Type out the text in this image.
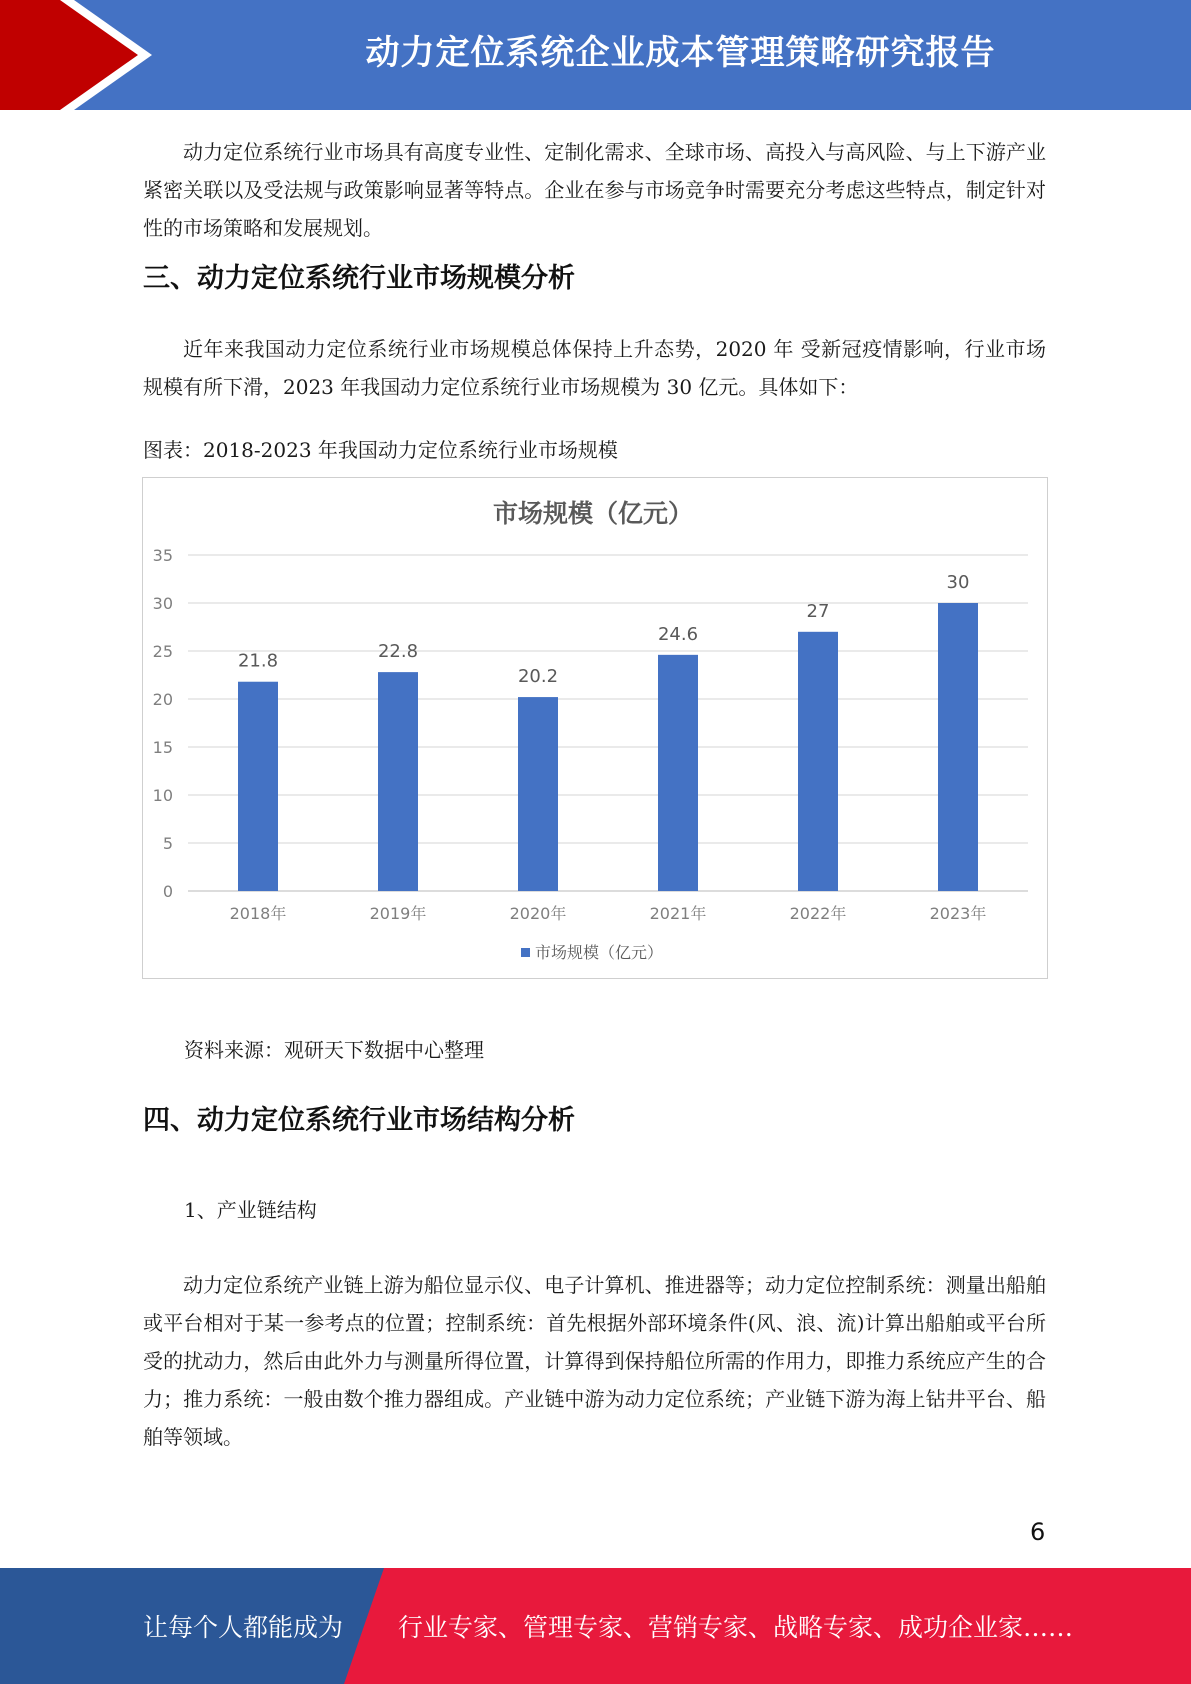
动力定位系统企业成本管理策略研究报告

动力定位系统行业市场具有高度专业性、定制化需求、全球市场、高投入与高风险、与上下游产业紧密关联以及受法规与政策影响显著等特点。企业在参与市场竞争时需要充分考虑这些特点，制定针对性的市场策略和发展规划。

三、动力定位系统行业市场规模分析

近年来我国动力定位系统行业市场规模总体保持上升态势，2020 年 受新冠疫情影响，行业市场规模有所下滑，2023 年我国动力定位系统行业市场规模为 30 亿元。具体如下：

图表：2018-2023 年我国动力定位系统行业市场规模

0
5
10
15
20
25
30
35
21.8
2018年
22.8
2019年
20.2
2020年
24.6
2021年
27
2022年
30
2023年
市场规模（亿元）
市场规模（亿元）

资料来源：观研天下数据中心整理

四、动力定位系统行业市场结构分析

1、产业链结构

动力定位系统产业链上游为船位显示仪、电子计算机、推进器等；动力定位控制系统：测量出船舶或平台相对于某一参考点的位置；控制系统：首先根据外部环境条件(风、浪、流)计算出船舶或平台所受的扰动力，然后由此外力与测量所得位置，计算得到保持船位所需的作用力，即推力系统应产生的合力；推力系统：一般由数个推力器组成。产业链中游为动力定位系统；产业链下游为海上钻井平台、船舶等领域。

6
让每个人都能成为 行业专家、管理专家、营销专家、战略专家、成功企业家……
